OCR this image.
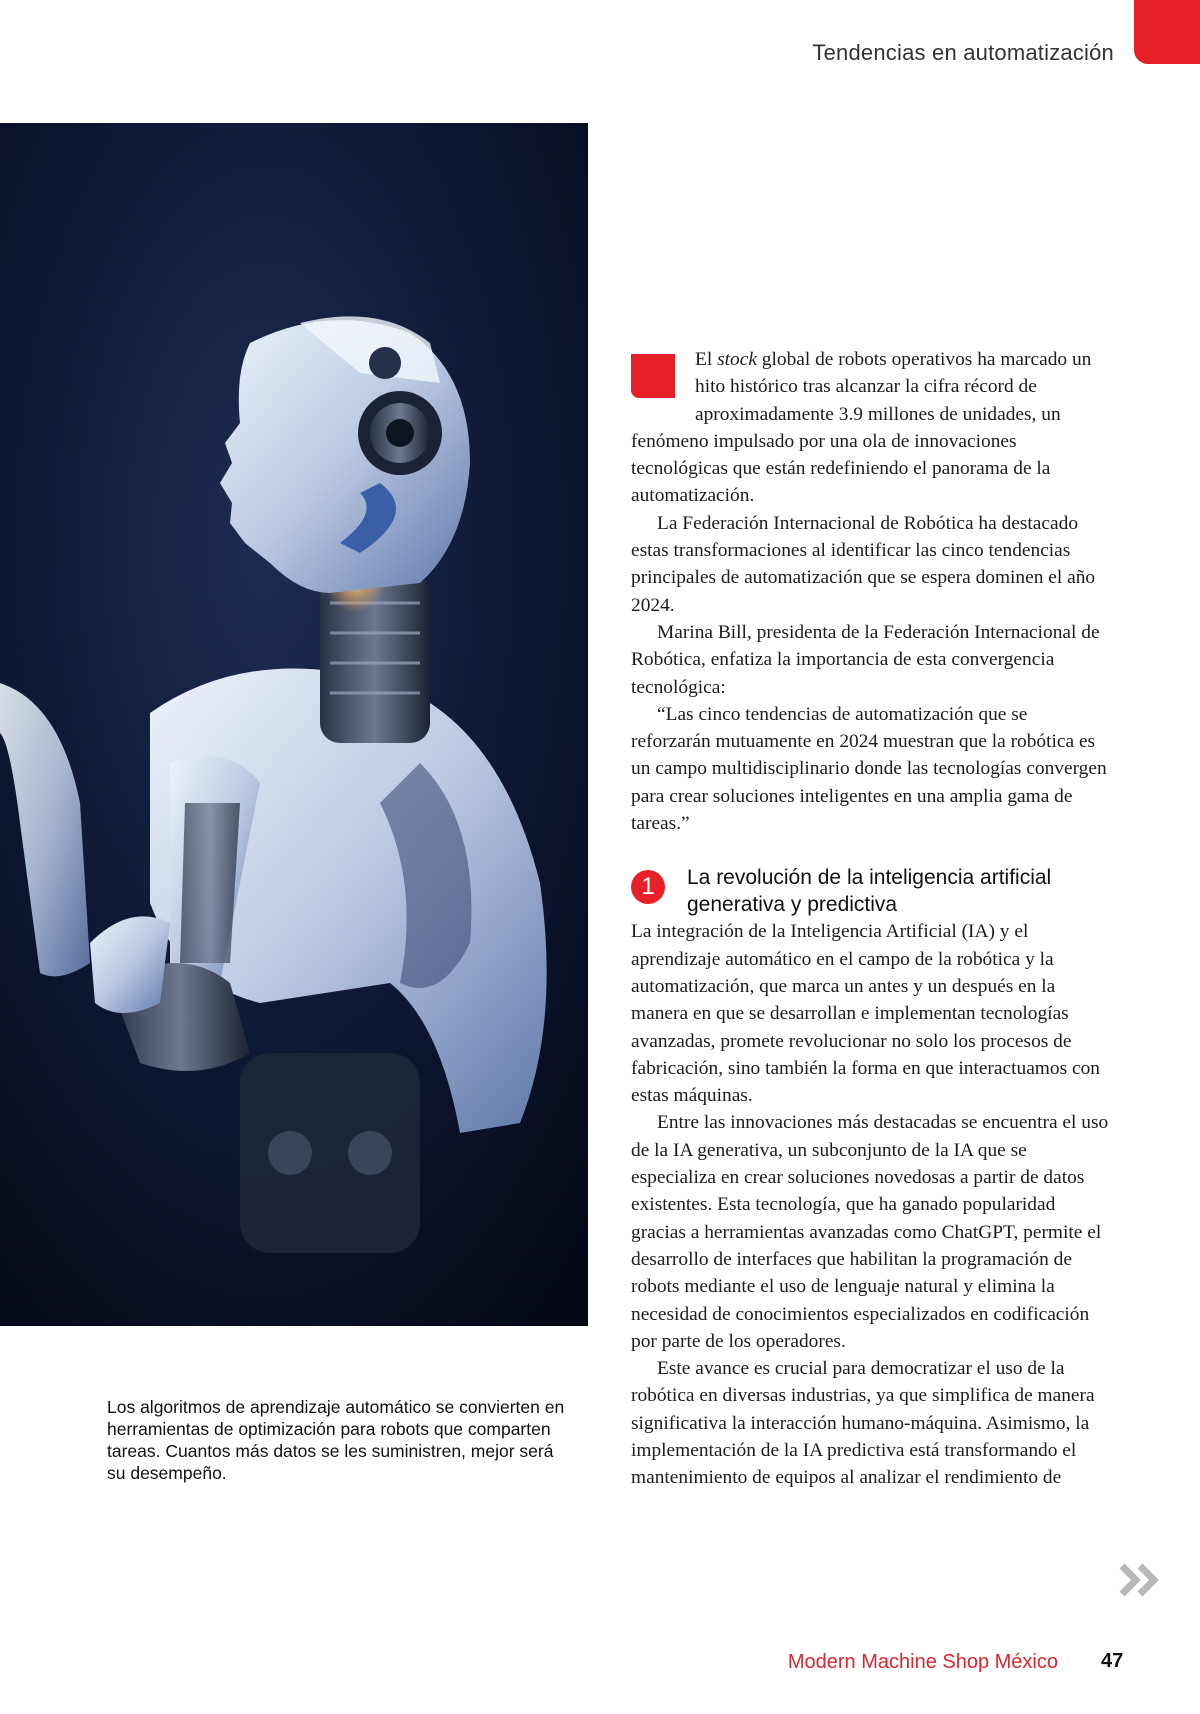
Tendencias en automatización
Los algoritmos de aprendizaje automático se convierten en herramientas de optimización para robots que comparten tareas. Cuantos más datos se les suministren, mejor será su desempeño.

El stock global de robots operativos ha marcado un hito histórico tras alcanzar la cifra récord de aproximadamente 3.9 millones de unidades, un fenómeno impulsado por una ola de innovaciones tecnológicas que están redefiniendo el panorama de la automatización.

La Federación Internacional de Robótica ha destacado estas transformaciones al identificar las cinco tendencias principales de automatización que se espera dominen el año 2024.

Marina Bill, presidenta de la Federación Internacional de Robótica, enfatiza la importancia de esta convergencia tecnológica:

“Las cinco tendencias de automatización que se reforzarán mutuamente en 2024 muestran que la robótica es un campo multidisciplinario donde las tecnologías convergen para crear soluciones inteligentes en una amplia gama de tareas.”

1	La revolución de la inteligencia artificial
generativa y predictiva

La integración de la Inteligencia Artificial (IA) y el aprendizaje automático en el campo de la robótica y la automatización, que marca un antes y un después en la manera en que se desarrollan e implementan tecnologías avanzadas, promete revolucionar no solo los procesos de fabricación, sino también la forma en que interactuamos con estas máquinas.

Entre las innovaciones más destacadas se encuentra el uso de la IA generativa, un subconjunto de la IA que se especializa en crear soluciones novedosas a partir de datos existentes. Esta tecnología, que ha ganado popularidad gracias a herramientas avanzadas como ChatGPT, permite el desarrollo de interfaces que habilitan la programación de robots mediante el uso de lenguaje natural y elimina la necesidad de conocimientos especializados en codificación por parte de los operadores.

Este avance es crucial para democratizar el uso de la robótica en diversas industrias, ya que simplifica de manera significativa la interacción humano-máquina. Asimismo, la implementación de la IA predictiva está transformando el mantenimiento de equipos al analizar el rendimiento de

Modern Machine Shop México 47
